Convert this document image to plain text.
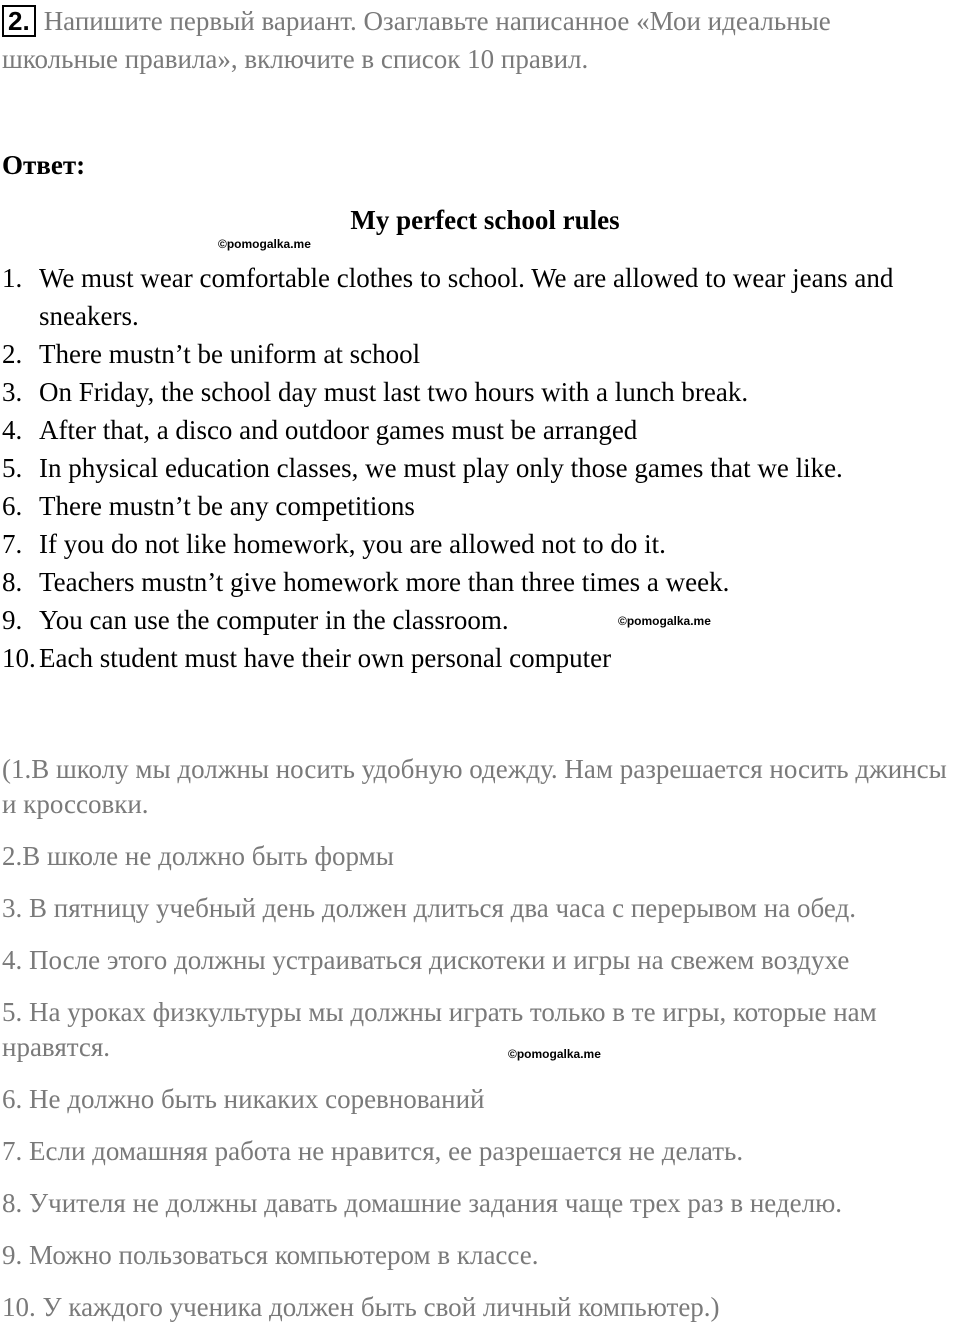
2. Напишите первый вариант. Озаглавьте написанное «Мои идеальные школьные правила», включите в список 10 правил.
Ответ:
My perfect school rules
©pomogalka.me
1. We must wear comfortable clothes to school. We are allowed to wear jeans and sneakers.
2. There mustn’t be uniform at school
3. On Friday, the school day must last two hours with a lunch break.
4. After that, a disco and outdoor games must be arranged
5. In physical education classes, we must play only those games that we like.
6. There mustn’t be any competitions
7. If you do not like homework, you are allowed not to do it.
8. Teachers mustn’t give homework more than three times a week.
9. You can use the computer in the classroom.
10. Each student must have their own personal computer
©pomogalka.me

(1.В школу мы должны носить удобную одежду. Нам разрешается носить джинсы и кроссовки.

2.В школе не должно быть формы

3. В пятницу учебный день должен длиться два часа с перерывом на обед.

4. После этого должны устраиваться дискотеки и игры на свежем воздухе

5. На уроках физкультуры мы должны играть только в те игры, которые нам нравятся.

6. Не должно быть никаких соревнований

7. Если домашняя работа не нравится, ее разрешается не делать.

8. Учителя не должны давать домашние задания чаще трех раз в неделю.

9. Можно пользоваться компьютером в классе.

10. У каждого ученика должен быть свой личный компьютер.)

©pomogalka.me
